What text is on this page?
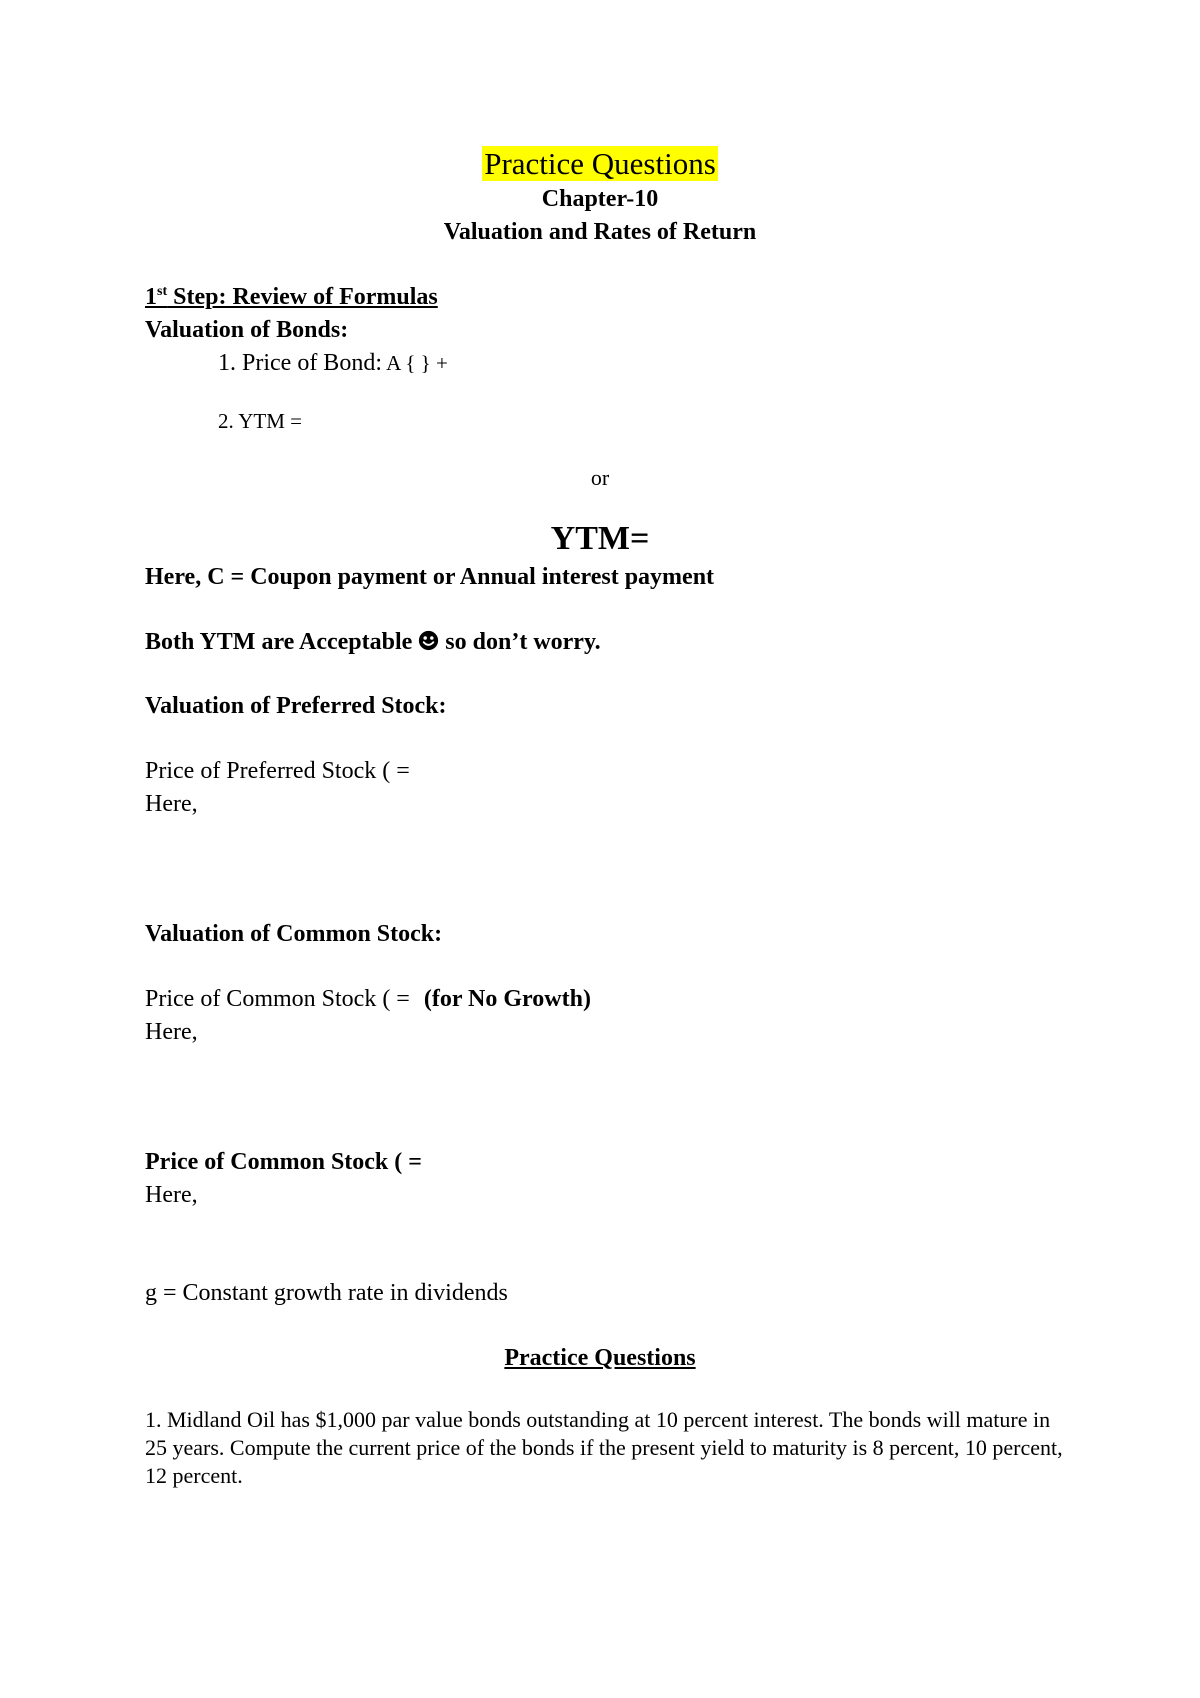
Practice Questions
Chapter-10
Valuation and Rates of Return
1st Step: Review of Formulas
Valuation of Bonds:
1. Price of Bond: A { } +
2. YTM =
or
YTM=
Here, C = Coupon payment or Annual interest payment
Both YTM are Acceptable  so don’t worry.
Valuation of Preferred Stock:
Price of Preferred Stock ( =
Here,
Valuation of Common Stock:
Price of Common Stock ( = (for No Growth)
Here,
Price of Common Stock ( =
Here,
g = Constant growth rate in dividends
Practice Questions
1. Midland Oil has $1,000 par value bonds outstanding at 10 percent interest. The bonds will mature in 25 years. Compute the current price of the bonds if the present yield to maturity is 8 percent, 10 percent, 12 percent.
